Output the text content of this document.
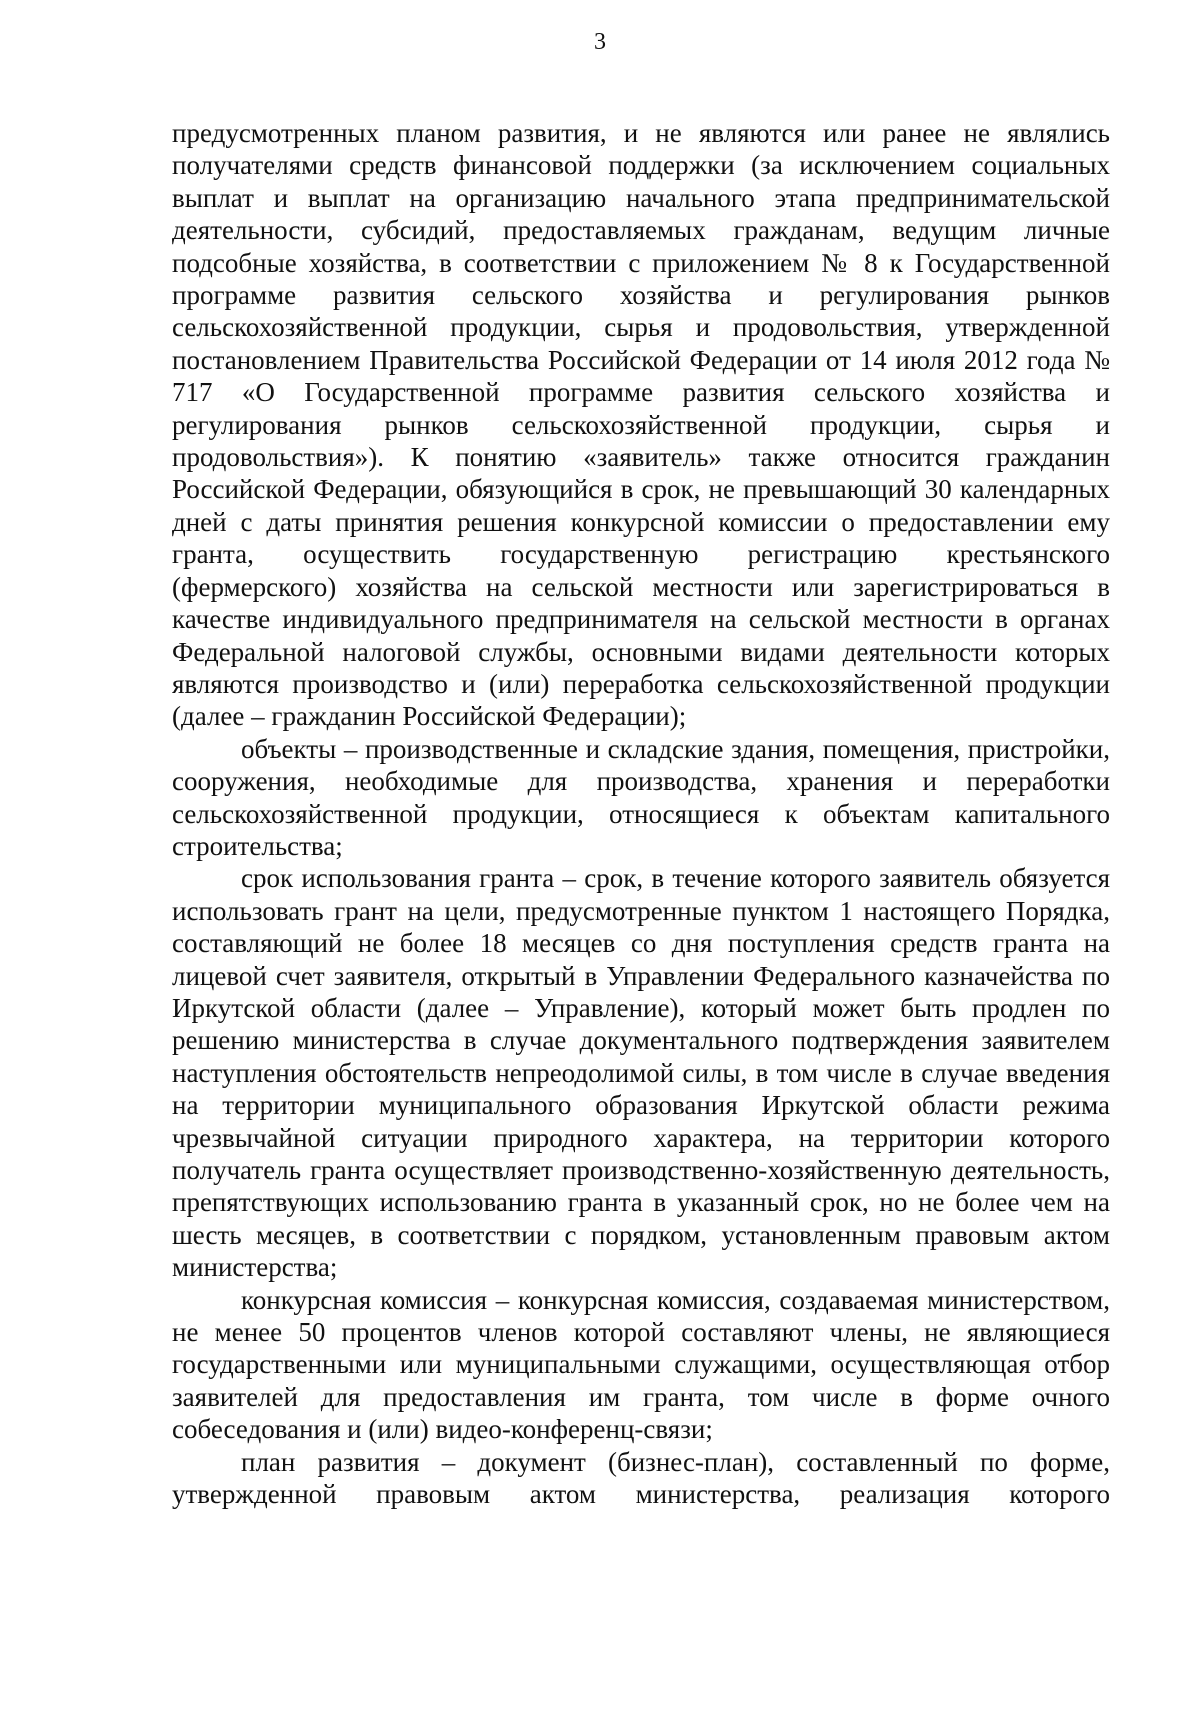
3

предусмотренных планом развития, и не являются или ранее не являлись получателями средств финансовой поддержки (за исключением социальных выплат и выплат на организацию начального этапа предпринимательской деятельности, субсидий, предоставляемых гражданам, ведущим личные подсобные хозяйства, в соответствии с приложением № 8 к Государственной программе развития сельского хозяйства и регулирования рынков сельскохозяйственной продукции, сырья и продовольствия, утвержденной постановлением Правительства Российской Федерации от 14 июля 2012 года № 717 «О Государственной программе развития сельского хозяйства и регулирования рынков сельскохозяйственной продукции, сырья и продовольствия»). К понятию «заявитель» также относится гражданин Российской Федерации, обязующийся в срок, не превышающий 30 календарных дней с даты принятия решения конкурсной комиссии о предоставлении ему гранта, осуществить государственную регистрацию крестьянского (фермерского) хозяйства на сельской местности или зарегистрироваться в качестве индивидуального предпринимателя на сельской местности в органах Федеральной налоговой службы, основными видами деятельности которых являются производство и (или) переработка сельскохозяйственной продукции (далее – гражданин Российской Федерации);

объекты – производственные и складские здания, помещения, пристройки, сооружения, необходимые для производства, хранения и переработки сельскохозяйственной продукции, относящиеся к объектам капитального строительства;

срок использования гранта – срок, в течение которого заявитель обязуется использовать грант на цели, предусмотренные пунктом 1 настоящего Порядка, составляющий не более 18 месяцев со дня поступления средств гранта на лицевой счет заявителя, открытый в Управлении Федерального казначейства по Иркутской области (далее – Управление), который может быть продлен по решению министерства в случае документального подтверждения заявителем наступления обстоятельств непреодолимой силы, в том числе в случае введения на территории муниципального образования Иркутской области режима чрезвычайной ситуации природного характера, на территории которого получатель гранта осуществляет производственно-хозяйственную деятельность, препятствующих использованию гранта в указанный срок, но не более чем на шесть месяцев, в соответствии с порядком, установленным правовым актом министерства;

конкурсная комиссия – конкурсная комиссия, создаваемая министерством, не менее 50 процентов членов которой составляют члены, не являющиеся государственными или муниципальными служащими, осуществляющая отбор заявителей для предоставления им гранта, том числе в форме очного собеседования и (или) видео-конференц-связи;

план развития – документ (бизнес-план), составленный по форме, утвержденной правовым актом министерства, реализация которого
